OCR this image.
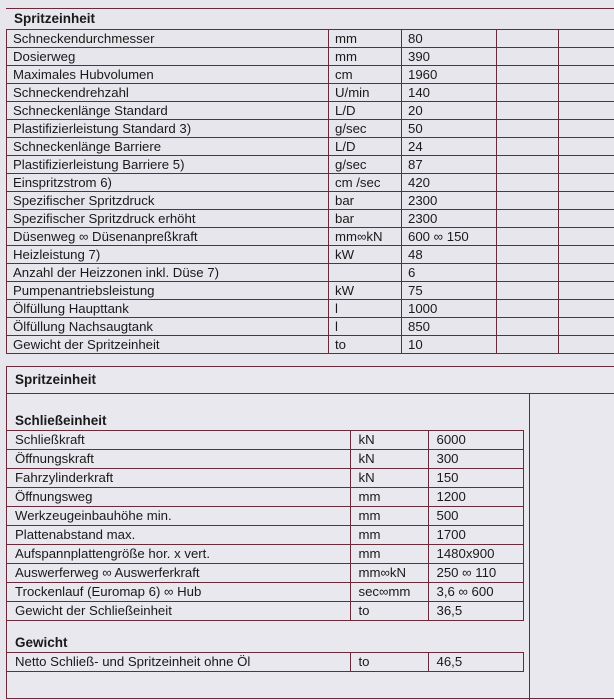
Spritzeinheit
Schneckendurchmesser	mm	80		
Dosierweg	mm	390		
Maximales Hubvolumen	cm	1960		
Schneckendrehzahl	U/min	140		
Schneckenlänge Standard	L/D	20		
Plastifizierleistung Standard 3)	g/sec	50		
Schneckenlänge Barriere	L/D	24		
Plastifizierleistung Barriere 5)	g/sec	87		
Einspritzstrom 6)	cm /sec	420		
Spezifischer Spritzdruck	bar	2300		
Spezifischer Spritzdruck erhöht	bar	2300		
Düsenweg ∞ Düsenanpreßkraft	mm∞kN	600 ∞ 150		
Heizleistung 7)	kW	48		
Anzahl der Heizzonen inkl. Düse 7)		6		
Pumpenantriebsleistung	kW	75		
Ölfüllung Haupttank	l	1000		
Ölfüllung Nachsaugtank	l	850		
Gewicht der Spritzeinheit	to	10		
Spritzeinheit
Schließeinheit
Schließkraft	kN	6000
Öffnungskraft	kN	300
Fahrzylinderkraft	kN	150
Öffnungsweg	mm	1200
Werkzeugeinbauhöhe min.	mm	500
Plattenabstand max.	mm	1700
Aufspannplattengröße hor. x vert.	mm	1480x900
Auswerferweg ∞ Auswerferkraft	mm∞kN	250 ∞ 110
Trockenlauf (Euromap 6) ∞ Hub	sec∞mm	3,6 ∞ 600
Gewicht der Schließeinheit	to	36,5
Gewicht
Netto Schließ- und Spritzeinheit ohne Öl	to	46,5
